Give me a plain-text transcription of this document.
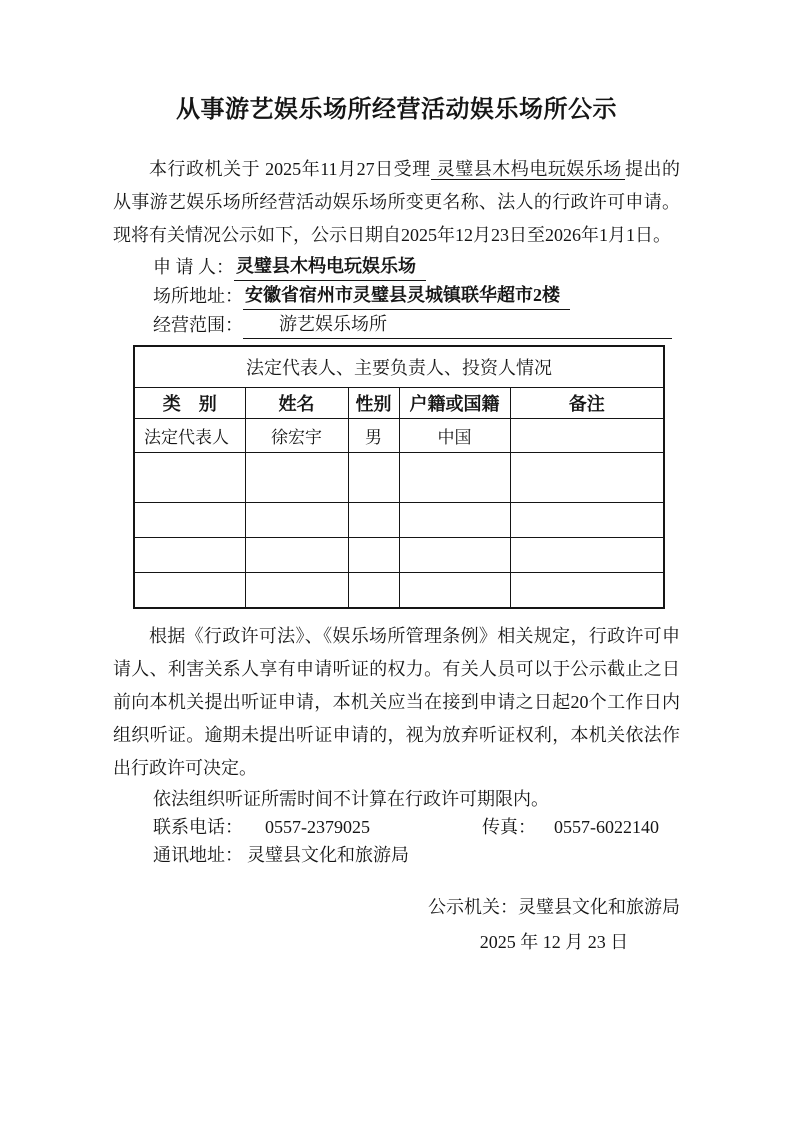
从事游艺娱乐场所经营活动娱乐场所公示

本行政机关于 2025年11月27日受理 灵璧县木杩电玩娱乐场 提出的从事游艺娱乐场所经营活动娱乐场所变更名称、法人的行政许可申请。现将有关情况公示如下，公示日期自2025年12月23日至2026年1月1日。

申 请 人： 灵璧县木杩电玩娱乐场
场所地址： 安徽省宿州市灵璧县灵城镇联华超市2楼
经营范围：	游艺娱乐场所
法定代表人、主要负责人、投资人情况				
类　别	姓名	性别	户籍或国籍	备注
法定代表人	徐宏宇	男	中国	

根据《行政许可法》、《娱乐场所管理条例》相关规定，行政许可申请人、利害关系人享有申请听证的权力。有关人员可以于公示截止之日前向本机关提出听证申请，本机关应当在接到申请之日起20个工作日内组织听证。逾期未提出听证申请的，视为放弃听证权利，本机关依法作出行政许可决定。

依法组织听证所需时间不计算在行政许可期限内。
联系电话： 0557-2379025	传真： 0557-6022140
通讯地址： 灵璧县文化和旅游局
公示机关：灵璧县文化和旅游局
2025 年 12 月 23 日
